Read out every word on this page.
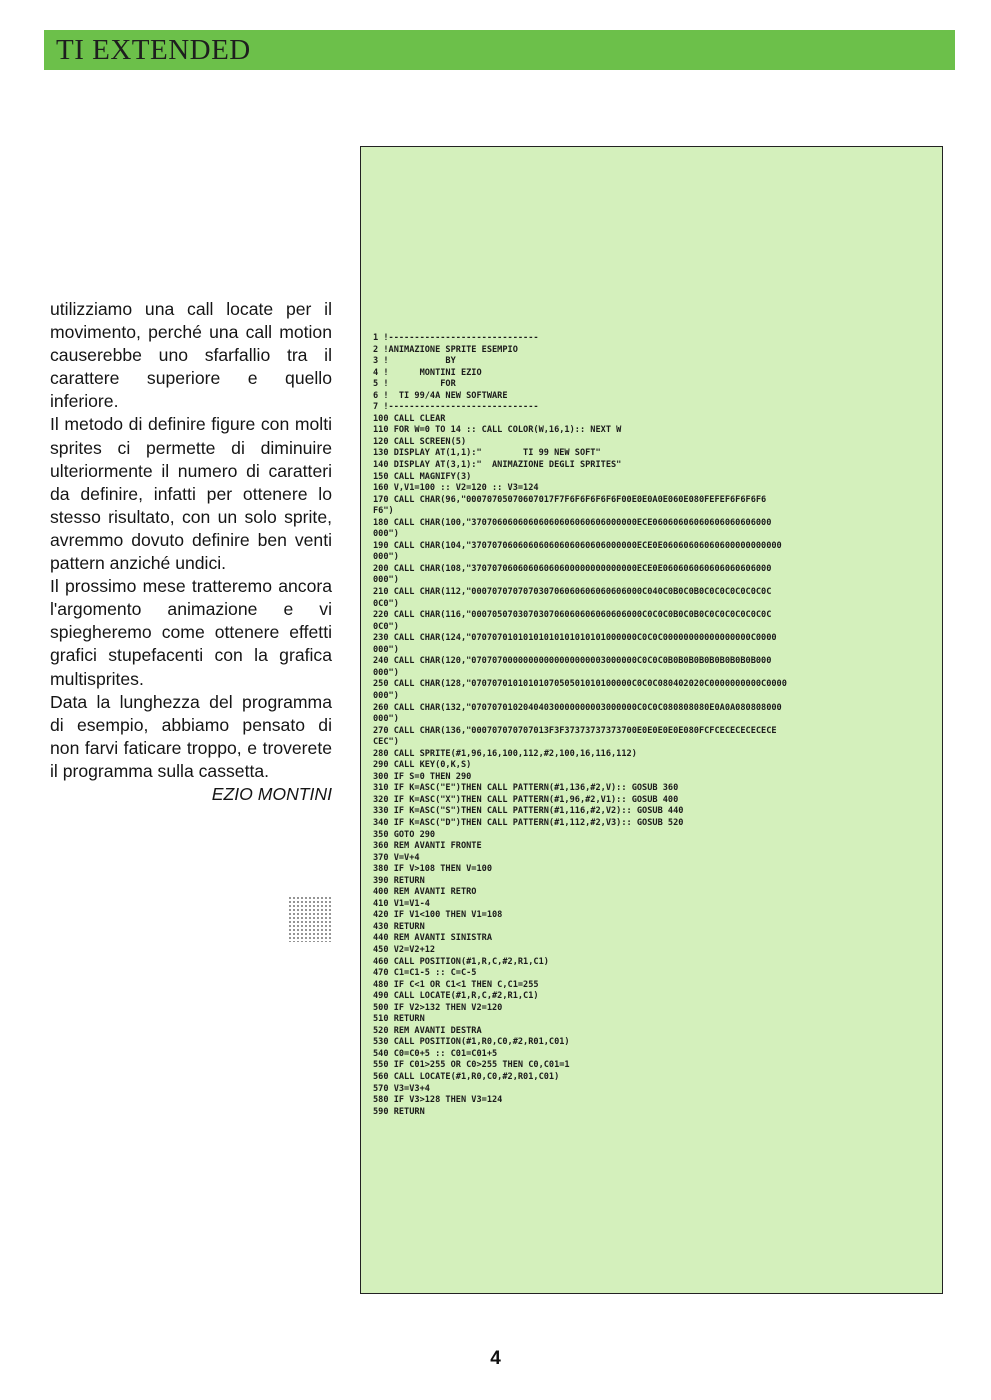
TI EXTENDED

utilizziamo una call locate per il movimento, perché una call motion causerebbe uno sfarfallio tra il carattere superiore e quello inferiore.

Il metodo di definire figure con molti sprites ci permette di diminuire ulteriormente il numero di caratteri da definire, infatti per ottenere lo stesso risultato, con un solo sprite, avremmo dovuto definire ben venti pattern anziché undici.

Il prossimo mese tratteremo ancora l'argomento animazione e vi spiegheremo come ottenere effetti grafici stupefacenti con la grafica multisprites.

Data la lunghezza del programma di esempio, abbiamo pensato di non farvi faticare troppo, e troverete il programma sulla cassetta.

EZIO MONTINI

1 !-----------------------------
2 !ANIMAZIONE SPRITE ESEMPIO
3 !           BY
4 !      MONTINI EZIO
5 !          FOR
6 !  TI 99/4A NEW SOFTWARE
7 !-----------------------------
100 CALL CLEAR
110 FOR W=0 TO 14 :: CALL COLOR(W,16,1):: NEXT W
120 CALL SCREEN(5)
130 DISPLAY AT(1,1):"        TI 99 NEW SOFT"
140 DISPLAY AT(3,1):"  ANIMAZIONE DEGLI SPRITES"
150 CALL MAGNIFY(3)
160 V,V1=100 :: V2=120 :: V3=124
170 CALL CHAR(96,"00070705070607017F7F6F6F6F6F6F00E0E0A0E060E080FEFEF6F6F6F6
F6")
180 CALL CHAR(100,"37070606060606060606060606000000ECE06060606060606060606000
000")
190 CALL CHAR(104,"37070706060606060606060606000000ECE0E06060606060600000000000
000")
200 CALL CHAR(108,"37070706060606060600000000000000ECE0E060606060606060606000
000")
210 CALL CHAR(112,"000707070707030706060606060606000C040C0B0C0B0C0C0C0C0C0C0C
0C0")
220 CALL CHAR(116,"000705070307030706060606060606000C0C0C0B0C0B0C0C0C0C0C0C0C
0C0")
230 CALL CHAR(124,"07070701010101010101010101000000C0C0C00000000000000000C0000
000")
240 CALL CHAR(120,"07070700000000000000000003000000C0C0C0B0B0B0B0B0B0B0B0B000
000")
250 CALL CHAR(128,"0707070101010107050501010100000C0C0C080402020C0000000000C0000
000")
260 CALL CHAR(132,"07070701020404030000000003000000C0C0C080808080E0A0A080808000
000")
270 CALL CHAR(136,"000707070707013F3F37373737373700E0E0E0E0E080FCFCECECECECECE
CEC")
280 CALL SPRITE(#1,96,16,100,112,#2,100,16,116,112)
290 CALL KEY(0,K,S)
300 IF S=0 THEN 290
310 IF K=ASC("E")THEN CALL PATTERN(#1,136,#2,V):: GOSUB 360
320 IF K=ASC("X")THEN CALL PATTERN(#1,96,#2,V1):: GOSUB 400
330 IF K=ASC("S")THEN CALL PATTERN(#1,116,#2,V2):: GOSUB 440
340 IF K=ASC("D")THEN CALL PATTERN(#1,112,#2,V3):: GOSUB 520
350 GOTO 290
360 REM AVANTI FRONTE
370 V=V+4
380 IF V>108 THEN V=100
390 RETURN
400 REM AVANTI RETRO
410 V1=V1-4
420 IF V1<100 THEN V1=108
430 RETURN
440 REM AVANTI SINISTRA
450 V2=V2+12
460 CALL POSITION(#1,R,C,#2,R1,C1)
470 C1=C1-5 :: C=C-5
480 IF C<1 OR C1<1 THEN C,C1=255
490 CALL LOCATE(#1,R,C,#2,R1,C1)
500 IF V2>132 THEN V2=120
510 RETURN
520 REM AVANTI DESTRA
530 CALL POSITION(#1,R0,C0,#2,R01,C01)
540 C0=C0+5 :: C01=C01+5
550 IF C01>255 OR C0>255 THEN C0,C01=1
560 CALL LOCATE(#1,R0,C0,#2,R01,C01)
570 V3=V3+4
580 IF V3>128 THEN V3=124
590 RETURN
4
